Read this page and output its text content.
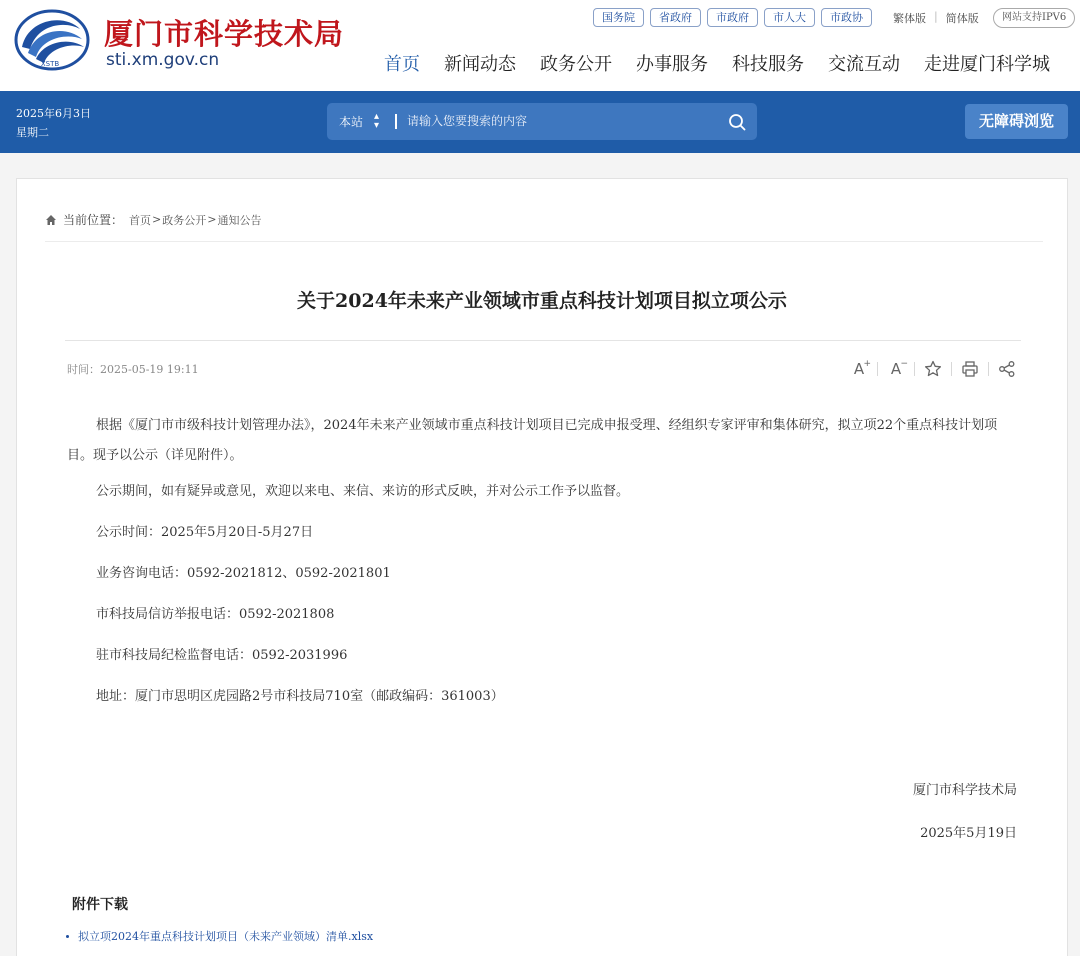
XSTB
厦门市科学技术局
sti.xm.gov.cn
国务院	省政府	市政府	市人大	市政协	繁体版 | 简体版	网站支持IPV6
首页 新闻动态 政务公开 办事服务 科技服务 交流互动 走进厦门科学城
2025年6月3日
星期二
本站 ▴
▾
请输入您要搜索的内容	无障碍浏览
当前位置： 首页 > 政务公开 > 通知公告
关于2024年未来产业领域市重点科技计划项目拟立项公示
时间：2025-05-19 19:11	A +	A −

根据《厦门市市级科技计划管理办法》，2024年未来产业领域市重点科技计划项目已完成申报受理、经组织专家评审和集体研究，拟立项22个重点科技计划项目。现予以公示（详见附件）。

公示期间，如有疑异或意见，欢迎以来电、来信、来访的形式反映，并对公示工作予以监督。

公示时间：2025年5月20日-5月27日

业务咨询电话：0592-2021812、0592-2021801

市科技局信访举报电话：0592-2021808

驻市科技局纪检监督电话：0592-2031996

地址：厦门市思明区虎园路2号市科技局710室（邮政编码：361003）

厦门市科学技术局
2025年5月19日
附件下载
拟立项2024年重点科技计划项目（未来产业领域）清单.xlsx
